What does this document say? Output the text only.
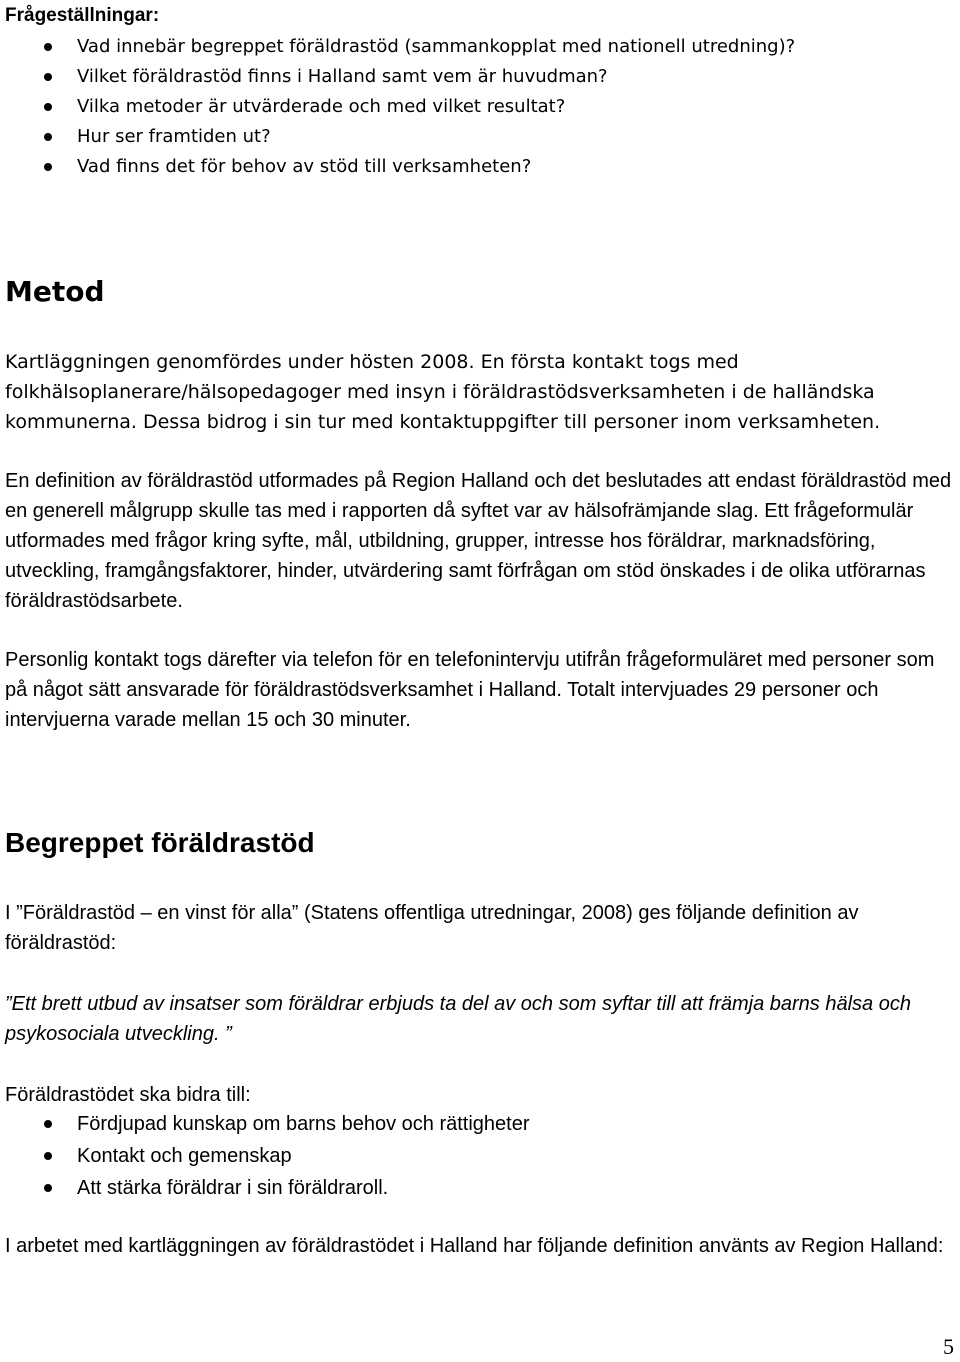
Frågeställningar:
Vad innebär begreppet föräldrastöd (sammankopplat med nationell utredning)?
Vilket föräldrastöd finns i Halland samt vem är huvudman?
Vilka metoder är utvärderade och med vilket resultat?
Hur ser framtiden ut?
Vad finns det för behov av stöd till verksamheten?
Metod

Kartläggningen genomfördes under hösten 2008. En första kontakt togs med folkhälsoplanerare/hälsopedagoger med insyn i föräldrastödsverksamheten i de halländska kommunerna. Dessa bidrog i sin tur med kontaktuppgifter till personer inom verksamheten.

En definition av föräldrastöd utformades på Region Halland och det beslutades att endast föräldrastöd med en generell målgrupp skulle tas med i rapporten då syftet var av hälsofrämjande slag. Ett frågeformulär utformades med frågor kring syfte, mål, utbildning, grupper, intresse hos föräldrar, marknadsföring, utveckling, framgångsfaktorer, hinder, utvärdering samt förfrågan om stöd önskades i de olika utförarnas föräldrastödsarbete.

Personlig kontakt togs därefter via telefon för en telefonintervju utifrån frågeformuläret med personer som på något sätt ansvarade för föräldrastödsverksamhet i Halland. Totalt intervjuades 29 personer och intervjuerna varade mellan 15 och 30 minuter.

Begreppet föräldrastöd

I ”Föräldrastöd – en vinst för alla” (Statens offentliga utredningar, 2008) ges följande definition av föräldrastöd:

”Ett brett utbud av insatser som föräldrar erbjuds ta del av och som syftar till att främja barns hälsa och psykosociala utveckling. ”

Föräldrastödet ska bidra till:

Fördjupad kunskap om barns behov och rättigheter
Kontakt och gemenskap
Att stärka föräldrar i sin föräldraroll.

I arbetet med kartläggningen av föräldrastödet i Halland har följande definition använts av Region Halland:

5
